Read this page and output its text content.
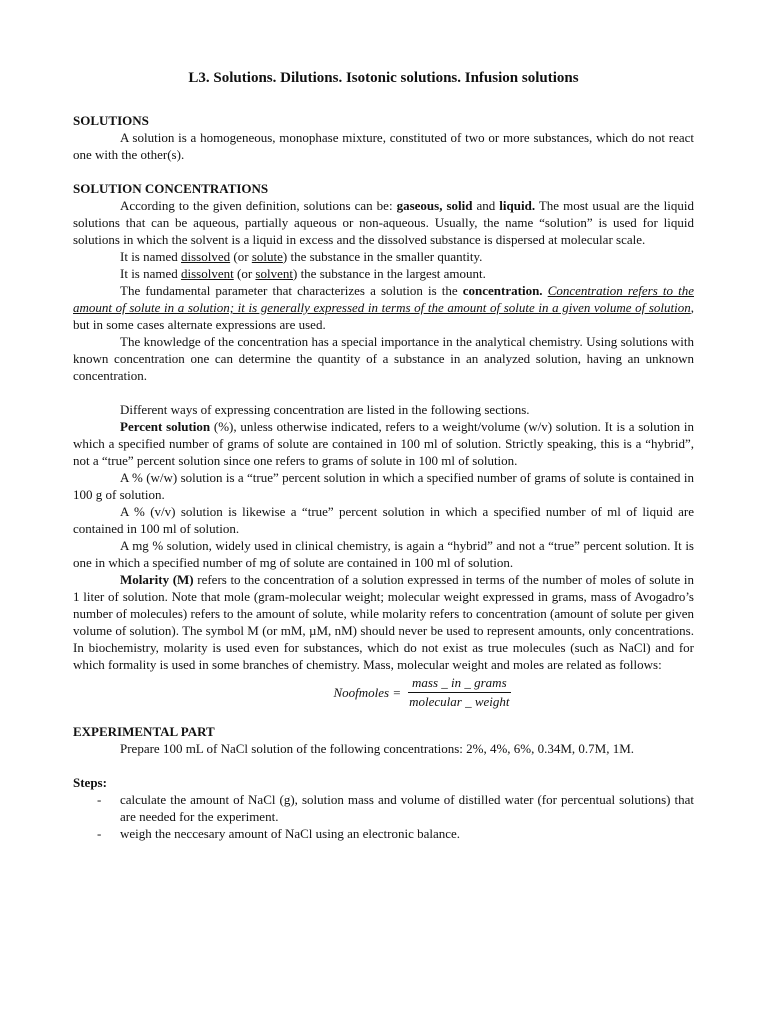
L3. Solutions. Dilutions. Isotonic solutions. Infusion solutions
SOLUTIONS

A solution is a homogeneous, monophase mixture, constituted of two or more substances, which do not react one with the other(s).

SOLUTION CONCENTRATIONS

According to the given definition, solutions can be: gaseous, solid and liquid. The most usual are the liquid solutions that can be aqueous, partially aqueous or non-aqueous. Usually, the name “solution” is used for liquid solutions in which the solvent is a liquid in excess and the dissolved substance is dispersed at molecular scale.

It is named dissolved (or solute) the substance in the smaller quantity.

It is named dissolvent (or solvent) the substance in the largest amount.

The fundamental parameter that characterizes a solution is the concentration. Concentration refers to the amount of solute in a solution; it is generally expressed in terms of the amount of solute in a given volume of solution, but in some cases alternate expressions are used.

The knowledge of the concentration has a special importance in the analytical chemistry. Using solutions with known concentration one can determine the quantity of a substance in an analyzed solution, having an unknown concentration.

Different ways of expressing concentration are listed in the following sections.

Percent solution (%), unless otherwise indicated, refers to a weight/volume (w/v) solution. It is a solution in which a specified number of grams of solute are contained in 100 ml of solution. Strictly speaking, this is a “hybrid”, not a “true” percent solution since one refers to grams of solute in 100 ml of solution.

A % (w/w) solution is a “true” percent solution in which a specified number of grams of solute is contained in 100 g of solution.

A % (v/v) solution is likewise a “true” percent solution in which a specified number of ml of liquid are contained in 100 ml of solution.

A mg % solution, widely used in clinical chemistry, is again a “hybrid” and not a “true” percent solution. It is one in which a specified number of mg of solute are contained in 100 ml of solution.

Molarity (M) refers to the concentration of a solution expressed in terms of the number of moles of solute in 1 liter of solution. Note that mole (gram-molecular weight; molecular weight expressed in grams, mass of Avogadro’s number of molecules) refers to the amount of solute, while molarity refers to concentration (amount of solute per given volume of solution). The symbol M (or mM, µM, nM) should never be used to represent amounts, only concentrations. In biochemistry, molarity is used even for substances, which do not exist as true molecules (such as NaCl) and for which formality is used in some branches of chemistry. Mass, molecular weight and moles are related as follows:

Noofmoles = $\frac{\text{mass \_ in \_ grams}}{\text{molecular \_ weight}}$
EXPERIMENTAL PART

Prepare 100 mL of NaCl solution of the following concentrations: 2%, 4%, 6%, 0.34M, 0.7M, 1M.

Steps:

-	calculate the amount of NaCl (g), solution mass and volume of distilled water (for percentual solutions) that are needed for the experiment.
-	weigh the neccesary amount of NaCl using an electronic balance.
